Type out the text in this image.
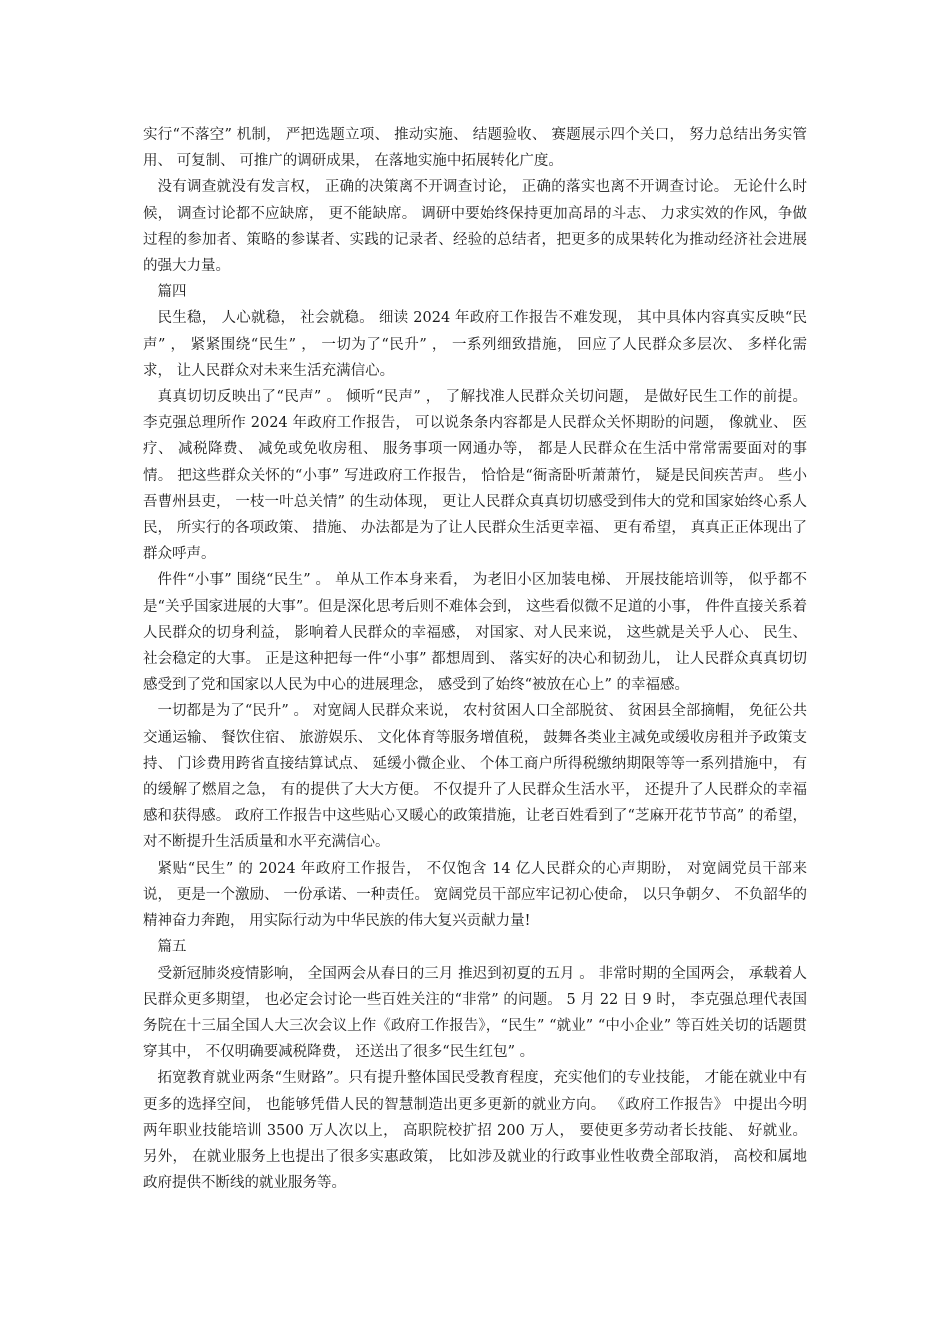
实行“不落空” 机制， 严把选题立项、 推动实施、 结题验收、 赛题展示四个关口， 努力总结出务实管用、 可复制、 可推广的调研成果， 在落地实施中拓展转化广度。

没有调查就没有发言权， 正确的决策离不开调查讨论， 正确的落实也离不开调查讨论。 无论什么时候， 调查讨论都不应缺席， 更不能缺席。 调研中要始终保持更加高昂的斗志、 力求实效的作风，争做过程的参加者、策略的参谋者、实践的记录者、经验的总结者，把更多的成果转化为推动经济社会进展的强大力量。

篇四

民生稳， 人心就稳， 社会就稳。 细读 2024 年政府工作报告不难发现， 其中具体内容真实反映“民声” ， 紧紧围绕“民生” ， 一切为了“民升” ， 一系列细致措施， 回应了人民群众多层次、 多样化需求， 让人民群众对未来生活充满信心。

真真切切反映出了“民声” 。 倾听“民声” ， 了解找准人民群众关切问题， 是做好民生工作的前提。 李克强总理所作 2024 年政府工作报告， 可以说条条内容都是人民群众关怀期盼的问题， 像就业、 医疗、 减税降费、 减免或免收房租、 服务事项一网通办等， 都是人民群众在生活中常常需要面对的事情。 把这些群众关怀的“小事” 写进政府工作报告， 恰恰是“衙斋卧听萧萧竹， 疑是民间疾苦声。 些小吾曹州县吏， 一枝一叶总关情” 的生动体现， 更让人民群众真真切切感受到伟大的党和国家始终心系人民， 所实行的各项政策、 措施、 办法都是为了让人民群众生活更幸福、 更有希望， 真真正正体现出了群众呼声。

件件“小事” 围绕“民生” 。 单从工作本身来看， 为老旧小区加装电梯、 开展技能培训等， 似乎都不是“关乎国家进展的大事”。但是深化思考后则不难体会到， 这些看似微不足道的小事， 件件直接关系着人民群众的切身利益， 影响着人民群众的幸福感， 对国家、对人民来说， 这些就是关乎人心、 民生、 社会稳定的大事。 正是这种把每一件“小事” 都想周到、 落实好的决心和韧劲儿， 让人民群众真真切切感受到了党和国家以人民为中心的进展理念， 感受到了始终“被放在心上” 的幸福感。

一切都是为了“民升” 。 对宽阔人民群众来说， 农村贫困人口全部脱贫、 贫困县全部摘帽， 免征公共交通运输、 餐饮住宿、 旅游娱乐、 文化体育等服务增值税， 鼓舞各类业主减免或缓收房租并予政策支持、 门诊费用跨省直接结算试点、 延缓小微企业、 个体工商户所得税缴纳期限等等一系列措施中， 有的缓解了燃眉之急， 有的提供了大大方便。 不仅提升了人民群众生活水平， 还提升了人民群众的幸福感和获得感。 政府工作报告中这些贴心又暖心的政策措施，让老百姓看到了“芝麻开花节节高” 的希望， 对不断提升生活质量和水平充满信心。

紧贴“民生” 的 2024 年政府工作报告， 不仅饱含 14 亿人民群众的心声期盼， 对宽阔党员干部来说， 更是一个激励、 一份承诺、一种责任。 宽阔党员干部应牢记初心使命， 以只争朝夕、 不负韶华的精神奋力奔跑， 用实际行动为中华民族的伟大复兴贡献力量!

篇五

受新冠肺炎疫情影响， 全国两会从春日的三月 推迟到初夏的五月 。 非常时期的全国两会， 承载着人民群众更多期望， 也必定会讨论一些百姓关注的“非常” 的问题。 5 月 22 日 9 时， 李克强总理代表国务院在十三届全国人大三次会议上作《政府工作报告》，“民生” “就业” “中小企业” 等百姓关切的话题贯穿其中， 不仅明确要减税降费， 还送出了很多“民生红包” 。

拓宽教育就业两条“生财路”。只有提升整体国民受教育程度，充实他们的专业技能， 才能在就业中有更多的选择空间， 也能够凭借人民的智慧制造出更多更新的就业方向。 《政府工作报告》 中提出今明两年职业技能培训 3500 万人次以上， 高职院校扩招 200 万人， 要使更多劳动者长技能、 好就业。 另外， 在就业服务上也提出了很多实惠政策， 比如涉及就业的行政事业性收费全部取消， 高校和属地政府提供不断线的就业服务等。
